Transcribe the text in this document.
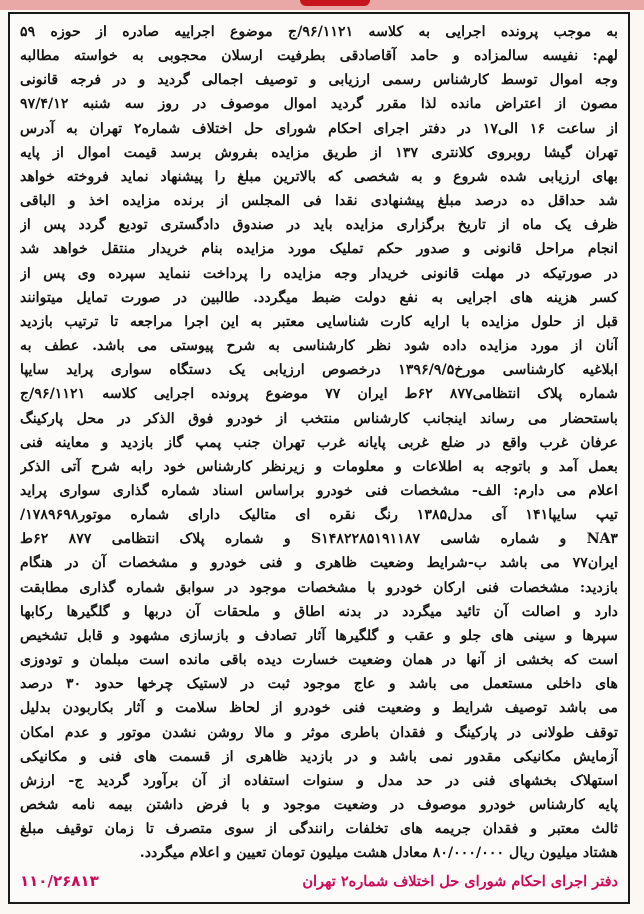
به موجب پرونده اجرایی به کلاسه ۹۶/۱۱۲۱/ج موضوع اجراییه صادره از حوزه ۵۹
لهم: نفیسه سالمزاده و حامد آقاصادقی بطرفیت ارسلان محجوبی به خواسته مطالبه
وجه اموال توسط کارشناس رسمی ارزیابی و توصیف اجمالی گردید و در فرجه قانونی
مصون از اعتراض مانده لذا مقرر گردید اموال موصوف در روز سه شنبه ۹۷/۴/۱۲
از ساعت ۱۶ الی۱۷ در دفتر اجرای احکام شورای حل اختلاف شماره۲ تهران به آدرس
تهران گیشا روبروی کلانتری ۱۳۷ از طریق مزایده بفروش برسد قیمت اموال از پایه
بهای ارزیابی شده شروع و به شخصی که بالاترین مبلغ را پیشنهاد نماید فروخته خواهد
شد حداقل ده درصد مبلغ پیشنهادی نقدا فی المجلس از برنده مزایده اخذ و الباقی
ظرف یک ماه از تاریخ برگزاری مزایده باید در صندوق دادگستری تودیع گردد پس از
انجام مراحل قانونی و صدور حکم تملیک مورد مزایده بنام خریدار منتقل خواهد شد
در صورتیکه در مهلت قانونی خریدار وجه مزایده را پرداخت ننماید سپرده وی پس از
کسر هزینه های اجرایی به نفع دولت ضبط میگردد. طالبین در صورت تمایل میتوانند
قبل از حلول مزایده با ارایه کارت شناسایی معتبر به این اجرا مراجعه تا ترتیب بازدید
آنان از مورد مزایده داده شود نظر کارشناسی به شرح پیوستی می باشد. عطف به
ابلاغیه کارشناسی مورخ۱۳۹۶/۹/۵ درخصوص ارزیابی یک دستگاه سواری پراید سایپا
شماره پلاک انتظامی۸۷۷ ۶۲ط ایران ۷۷ موضوع پرونده اجرایی کلاسه ۹۶/۱۱۲۱/ج
باستحضار می رساند اینجانب کارشناس منتخب از خودرو فوق الذکر در محل پارکینگ
عرفان غرب واقع در ضلع غربی پایانه غرب تهران جنب پمپ گاز بازدید و معاینه فنی
بعمل آمد و باتوجه به اطلاعات و معلومات و زیرنظر کارشناس خود رابه شرح آتی الذکر
اعلام می دارم: الف- مشخصات فنی خودرو براساس اسناد شماره گذاری سواری پراید
تیپ سایپا۱۴۱ آی مدل۱۳۸۵ رنگ نقره ای متالیک دارای شماره موتور۱۷۸۹۶۹۸/
NA۳ و شماره شاسی S۱۴۸۲۲۸۵۱۹۱۱۸۷ و شماره پلاک انتظامی ۸۷۷ ۶۲ط
ایران۷۷ می باشد ب-شرایط وضعیت ظاهری و فنی خودرو و مشخصات آن در هنگام
بازدید: مشخصات فنی ارکان خودرو با مشخصات موجود در سوابق شماره گذاری مطابقت
دارد و اصالت آن تائید میگردد در بدنه اطاق و ملحقات آن دربها و گلگیرها رکابها
سپرها و سینی های جلو و عقب و گلگیرها آثار تصادف و بازسازی مشهود و قابل تشخیص
است که بخشی از آنها در همان وضعیت خسارت دیده باقی مانده است مبلمان و تودوزی
های داخلی مستعمل می باشد و عاج موجود ثبت در لاستیک چرخها حدود ۳۰ درصد
می باشد توصیف شرایط و وضعیت فنی خودرو از لحاظ سلامت و آثار بکاربودن بدلیل
توقف طولانی در پارکینگ و فقدان باطری موثر و مالا روشن نشدن موتور و عدم امکان
آزمایش مکانیکی مقدور نمی باشد و در بازدید ظاهری از قسمت های فنی و مکانیکی
استهلاک بخشهای فنی در حد مدل و سنوات استفاده از آن برآورد گردید ج- ارزش
پایه کارشناس خودرو موصوف در وضعیت موجود و با فرض داشتن بیمه نامه شخص
ثالث معتبر و فقدان جریمه های تخلفات رانندگی از سوی متصرف تا زمان توقیف مبلغ
هشتاد میلیون ریال ۸۰/۰۰۰/۰۰۰ معادل هشت میلیون تومان تعیین و اعلام میگردد.
دفتر اجرای احکام شورای حل اختلاف شماره۲ تهران
۱۱۰/۲۶۸۱۳
